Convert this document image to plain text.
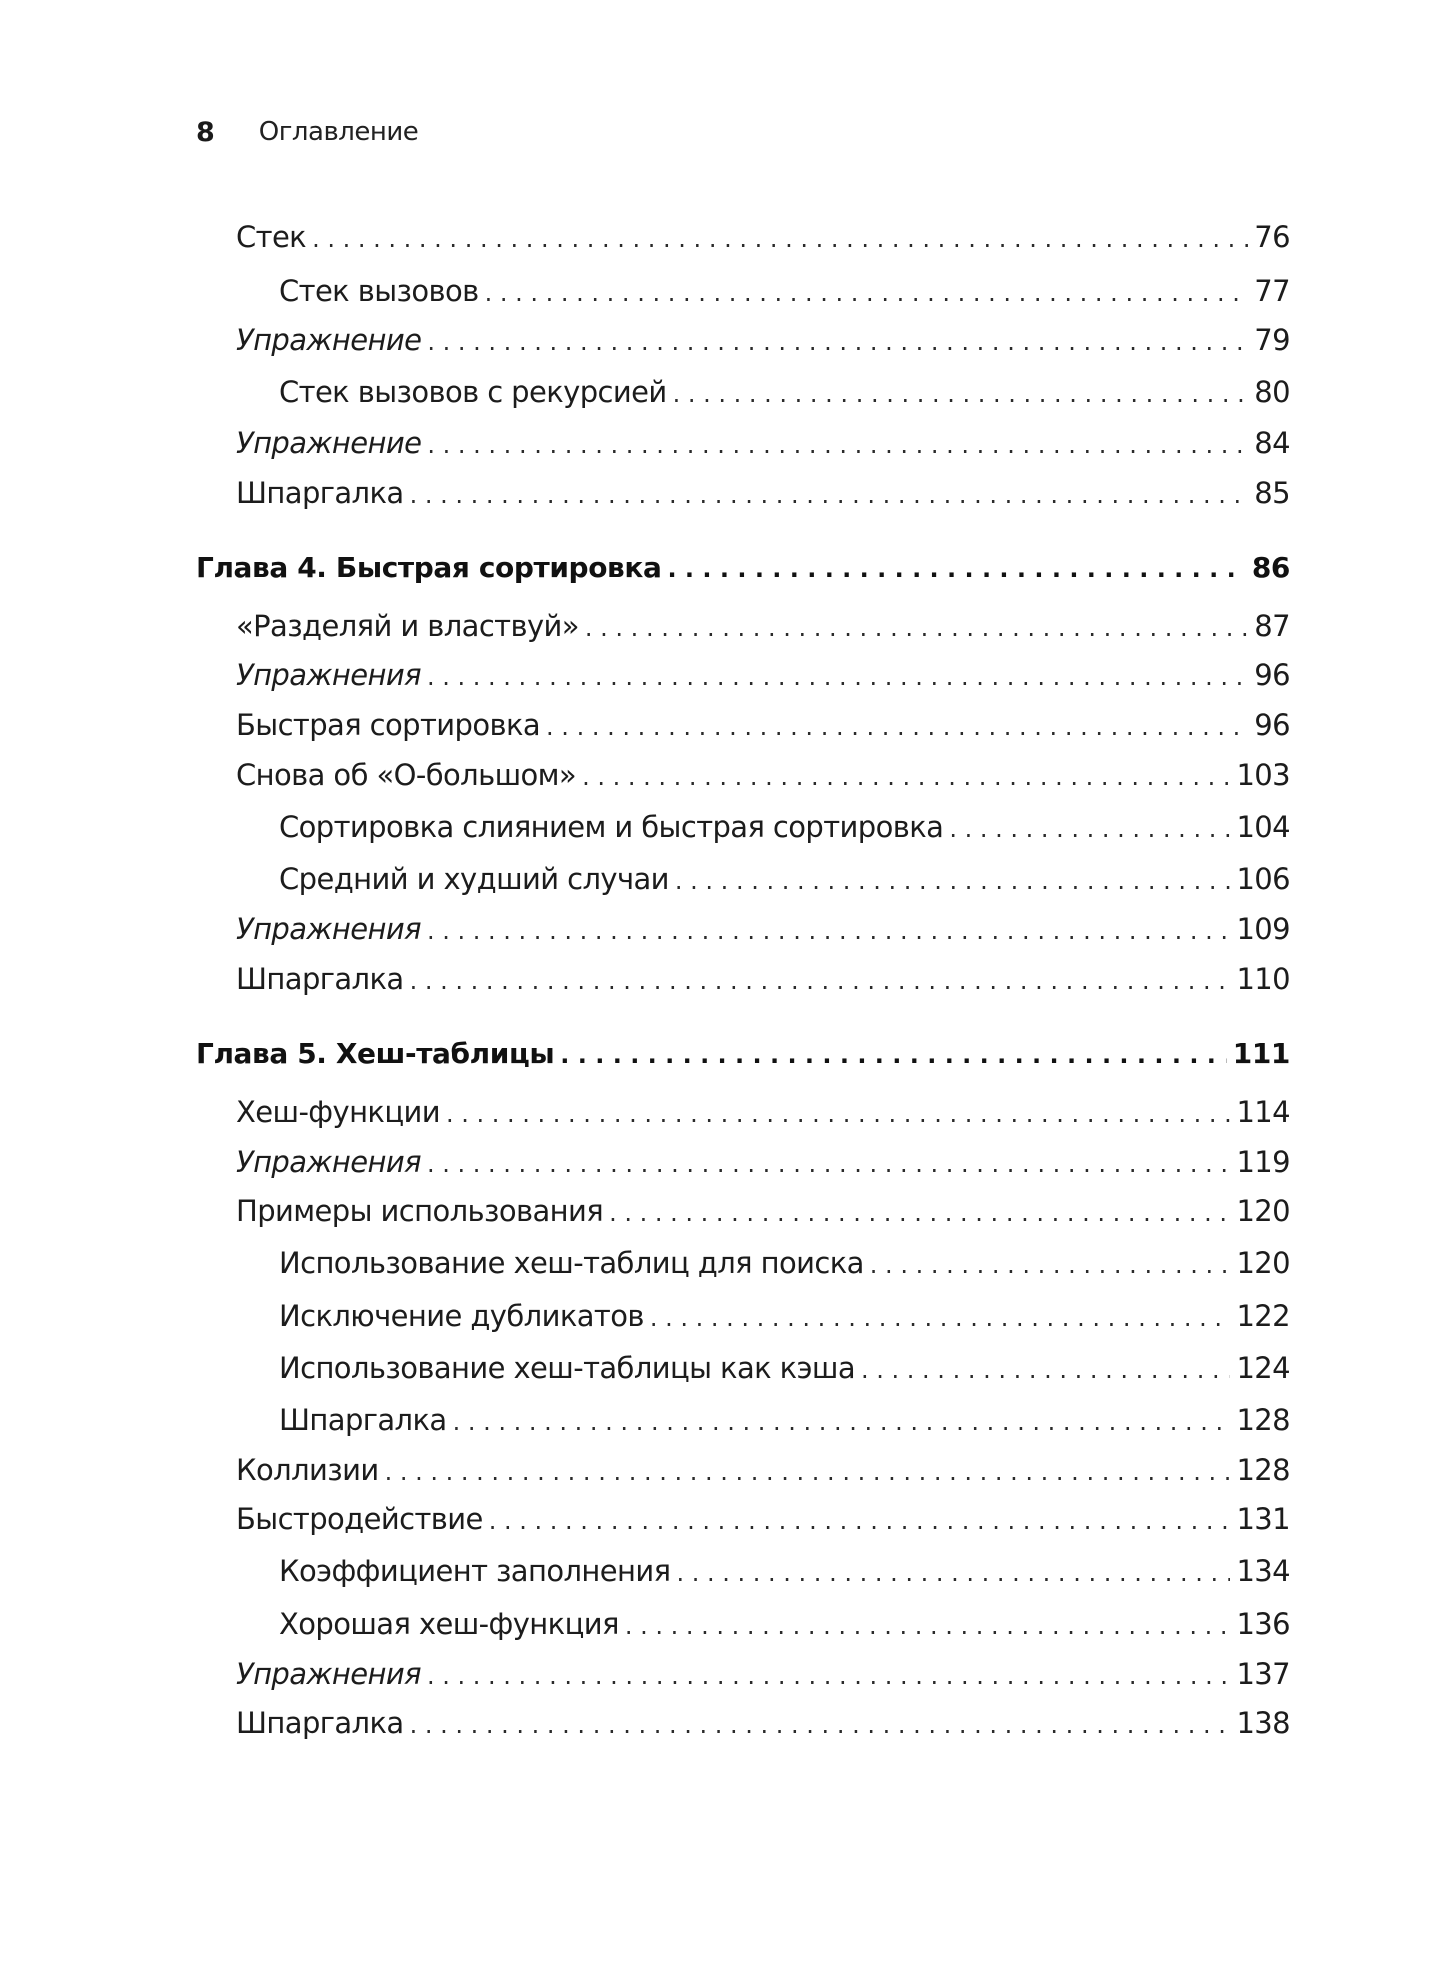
8 Оглавление
Стек . . .	76
Стек вызовов . . .	77
Упражнение . . .	79
Стек вызовов с рекурсией . . .	80
Упражнение . . .	84
Шпаргалка . . .	85
Глава 4. Быстрая сортировка . . .	86
«Разделяй и властвуй» . . .	87
Упражнения . . .	96
Быстрая сортировка . . .	96
Снова об «О-большом» . . .	103
Сортировка слиянием и быстрая сортировка . . .	104
Средний и худший случаи . . .	106
Упражнения . . .	109
Шпаргалка . . .	110
Глава 5. Хеш-таблицы . . .	111
Хеш-функции . . .	114
Упражнения . . .	119
Примеры использования . . .	120
Использование хеш-таблиц для поиска . . .	120
Исключение дубликатов . . .	122
Использование хеш-таблицы как кэша . . .	124
Шпаргалка . . .	128
Коллизии . . .	128
Быстродействие . . .	131
Коэффициент заполнения . . .	134
Хорошая хеш-функция . . .	136
Упражнения . . .	137
Шпаргалка . . .	138
